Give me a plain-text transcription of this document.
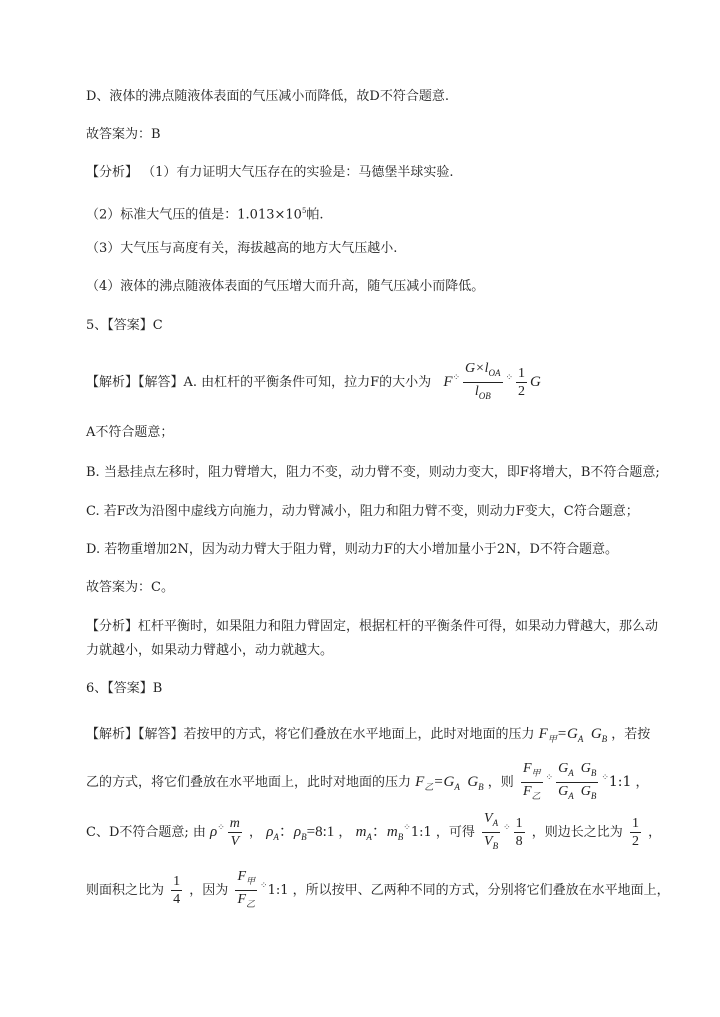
D、液体的沸点随液体表面的气压减小而降低，故D不符合题意.
故答案为：B
【分析】 （1）有力证明大气压存在的实验是：马德堡半球实验.
（2）标准大气压的值是：$1.013\times 10^5$帕.
（3）大气压与高度有关，海拔越高的地方大气压越小.
（4）液体的沸点随液体表面的气压增大而升高，随气压减小而降低。
5、【答案】C
【解析】【解答】A. 由杠杆的平衡条件可知，拉力F的大小为 $F^⁘ \frac{G\times l_{OA}}{l_{OB}} ^⁘ \frac{1}{2}$ G
A不符合题意；
B. 当悬挂点左移时，阻力臂增大，阻力不变，动力臂不变，则动力变大，即F将增大，B不符合题意;
C. 若F改为沿图中虚线方向施力，动力臂减小，阻力和阻力臂不变，则动力F变大，C符合题意；
D. 若物重增加2N，因为动力臂大于阻力臂，则动力F的大小增加量小于2N，D不符合题意。
故答案为：C。
【分析】杠杆平衡时，如果阻力和阻力臂固定，根据杠杆的平衡条件可得，如果动力臂越大，那么动
力就越小，如果动力臂越小，动力就越大。
6、【答案】B
【解析】【解答】若按甲的方式，将它们叠放在水平地面上，此时对地面的压力 $F_甲=G_A$ $G_B$ ，若按
乙的方式，将它们叠放在水平地面上，此时对地面的压力 $F_乙=G_A$ $G_B$ ，则 $\frac{F_甲}{F_乙} ^⁘ \frac{G_A G_B}{G_A G_B}$ ⁘1:1 ，
C、D不符合题意; 由 $\rho^⁘ \frac{m}{V}$ ， $\rho_A$：$\rho_B=8:1$ ， $m_A$：$m_B^⁘1:1$ ，可得 $\frac{V_A}{V_B} ^⁘ \frac{1}{8}$ ，则边长之比为 $\frac{1}{2}$ ，
则面积之比为 $\frac{1}{4}$ ，因为 $\frac{F_甲}{F_乙}$ ⁘1:1 ，所以按甲、乙两种不同的方式，分别将它们叠放在水平地面上，
